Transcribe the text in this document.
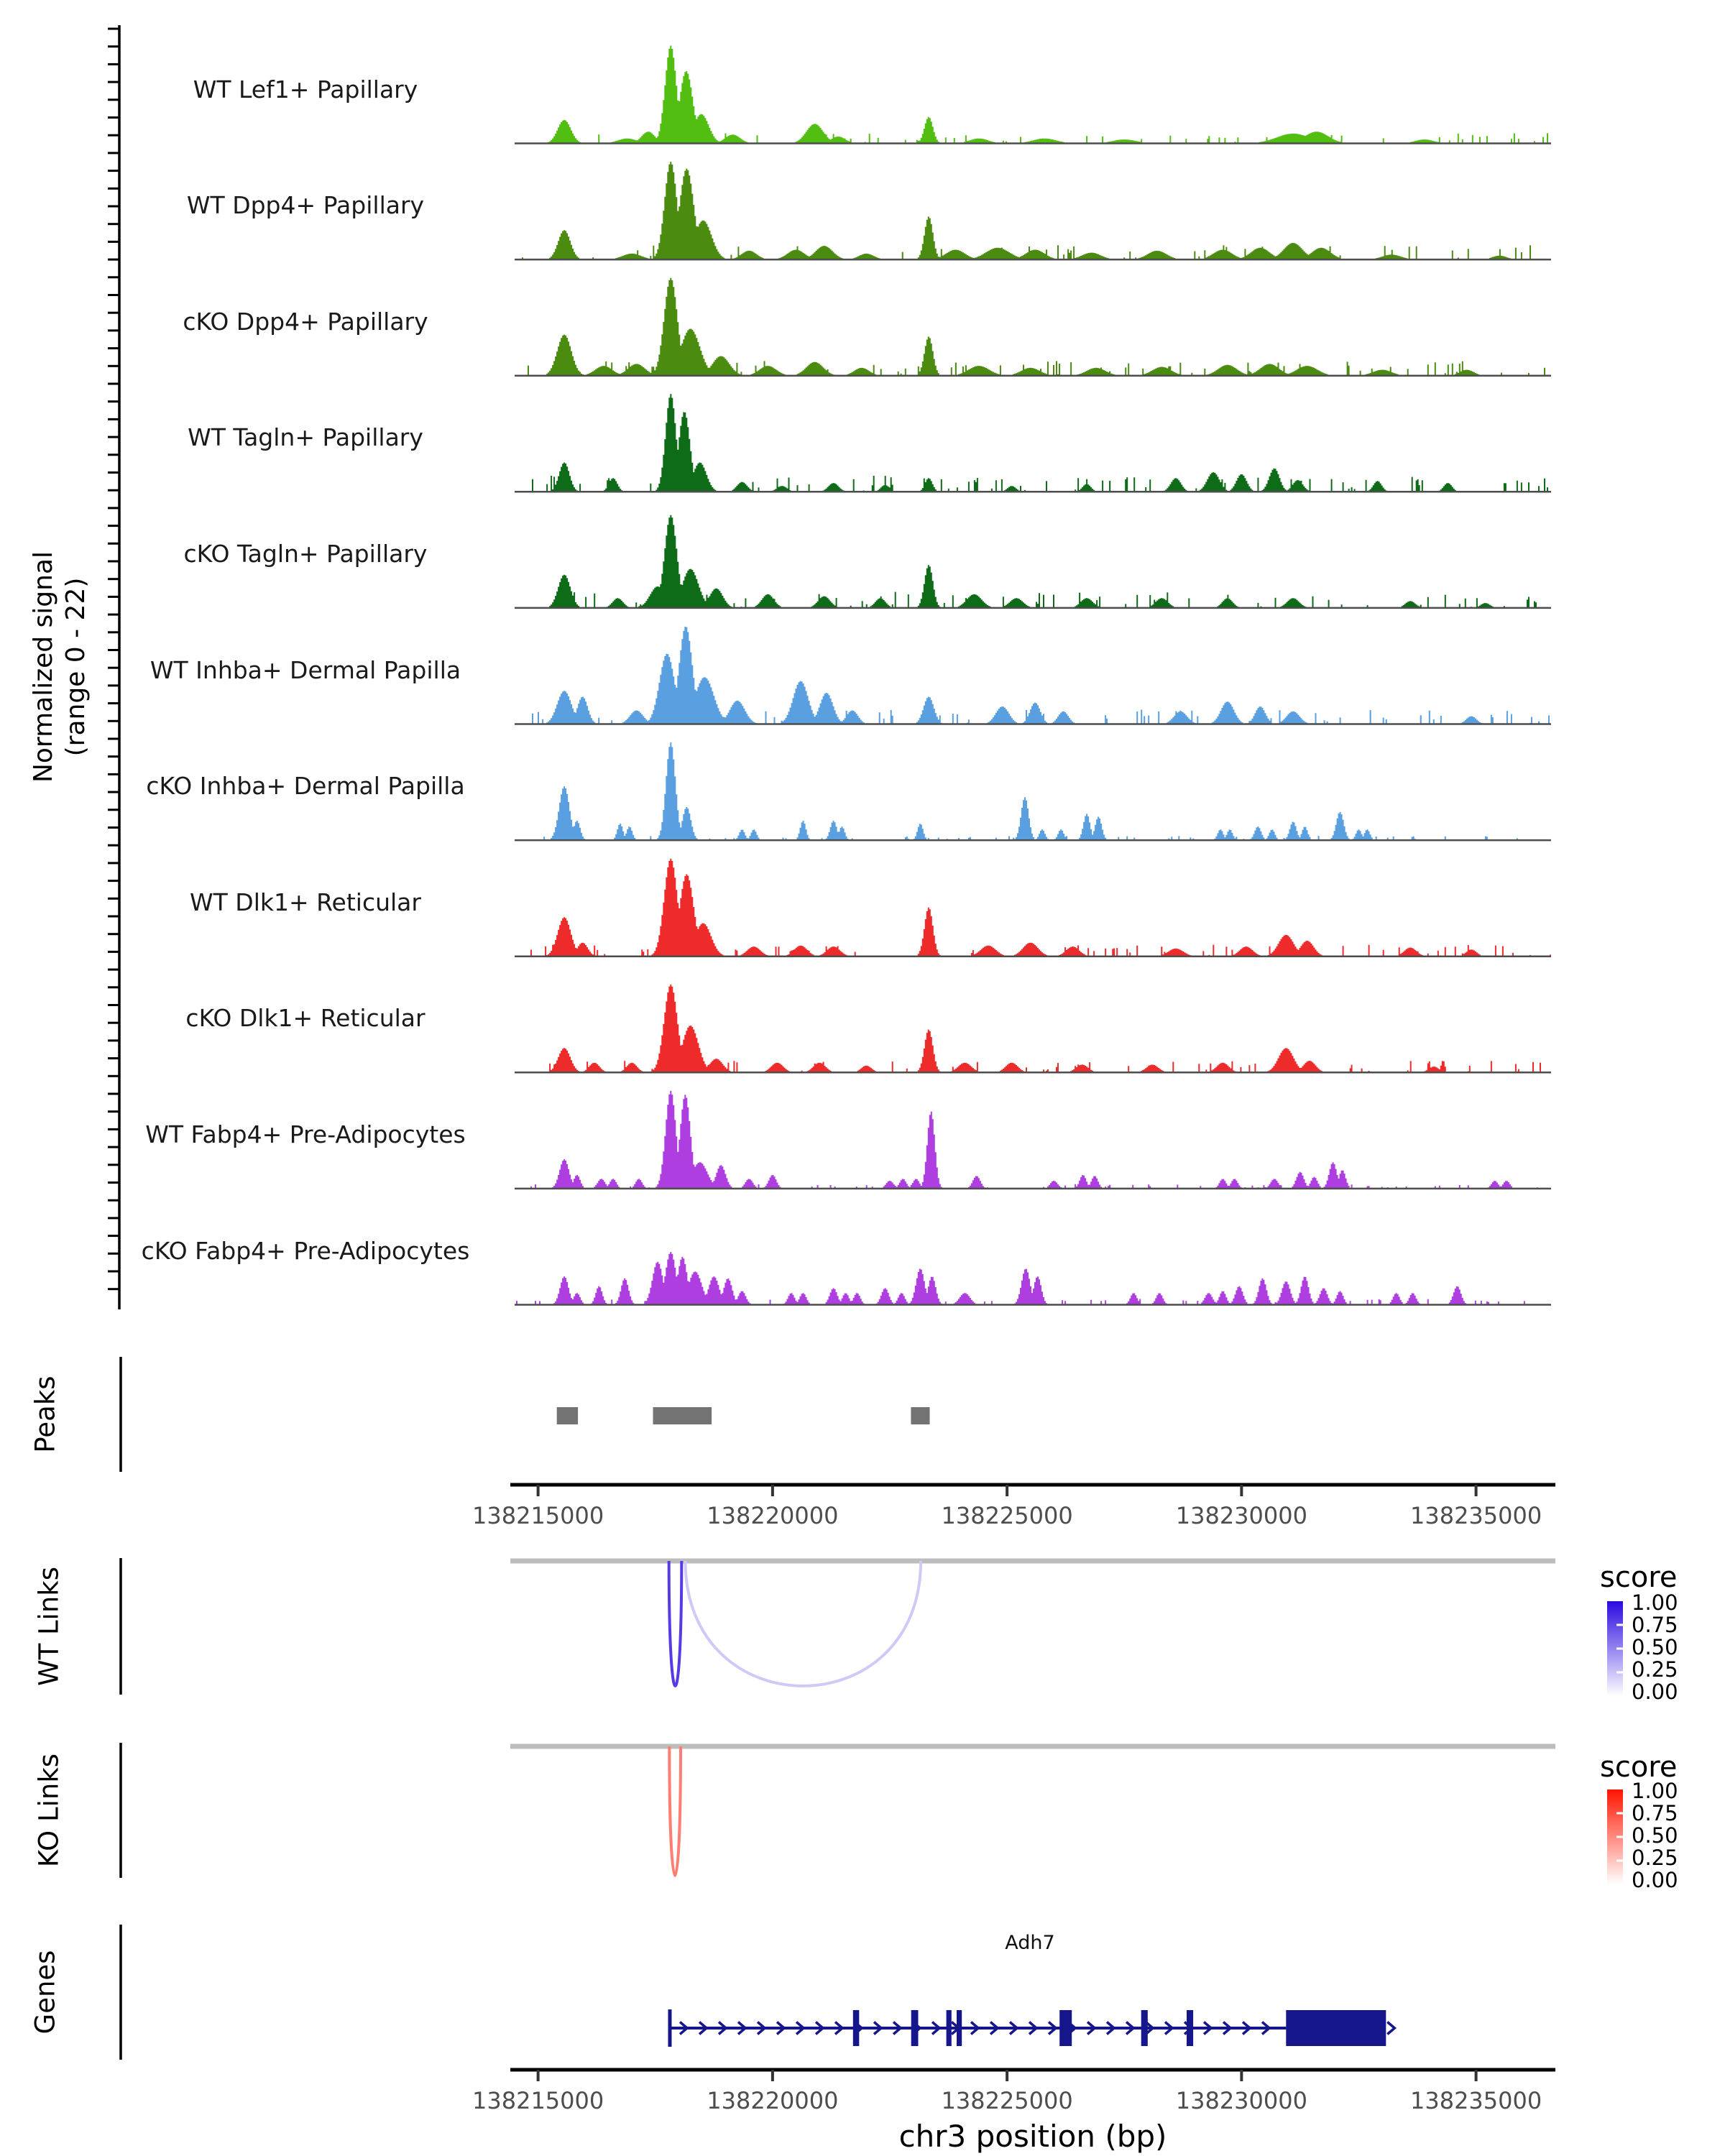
138215000	138220000	138225000	138230000	138235000
138215000	138220000	138225000	138230000	138235000
1.00
0.75
0.50
0.25
0.00
1.00
0.75
0.50
0.25
0.00
Normalized signal (range 0 - 22)
Peaks
WT Links
KO Links
Genes
WT Lef1+ Papillary
WT Dpp4+ Papillary
cKO Dpp4+ Papillary
WT Tagln+ Papillary
cKO Tagln+ Papillary
WT Inhba+ Dermal Papilla
cKO Inhba+ Dermal Papilla
WT Dlk1+ Reticular
cKO Dlk1+ Reticular
WT Fabp4+ Pre-Adipocytes
cKO Fabp4+ Pre-Adipocytes
score
score
Adh7
chr3 position (bp)
